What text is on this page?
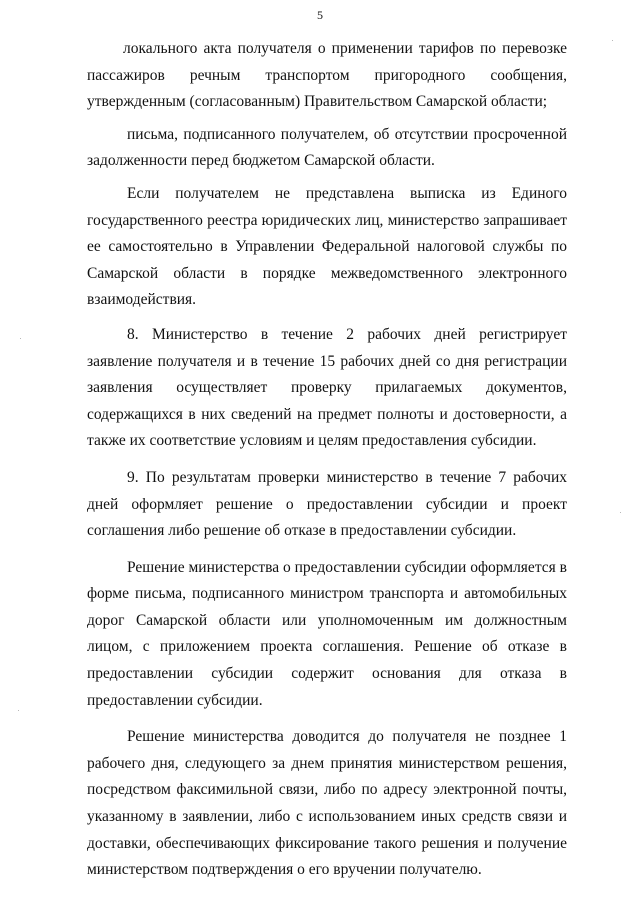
5

локального акта получателя о применении тарифов по перевозке пассажиров речным транспортом пригородного сообщения, утвержденным (согласованным) Правительством Самарской области;

письма, подписанного получателем, об отсутствии просроченной задолженности перед бюджетом Самарской области.

Если получателем не представлена выписка из Единого государственного реестра юридических лиц, министерство запрашивает ее самостоятельно в Управлении Федеральной налоговой службы по Самарской области в порядке межведомственного электронного взаимодействия.

8. Министерство в течение 2 рабочих дней регистрирует заявление получателя и в течение 15 рабочих дней со дня регистрации заявления осуществляет проверку прилагаемых документов, содержащихся в них сведений на предмет полноты и достоверности, а также их соответствие условиям и целям предоставления субсидии.

9. По результатам проверки министерство в течение 7 рабочих дней оформляет решение о предоставлении субсидии и проект соглашения либо решение об отказе в предоставлении субсидии.

Решение министерства о предоставлении субсидии оформляется в форме письма, подписанного министром транспорта и автомобильных дорог Самарской области или уполномоченным им должностным лицом, с приложением проекта соглашения. Решение об отказе в предоставлении субсидии содержит основания для отказа в предоставлении субсидии.

Решение министерства доводится до получателя не позднее 1 рабочего дня, следующего за днем принятия министерством решения, посредством факсимильной связи, либо по адресу электронной почты, указанному в заявлении, либо с использованием иных средств связи и доставки, обеспечивающих фиксирование такого решения и получение министерством подтверждения о его вручении получателю.
